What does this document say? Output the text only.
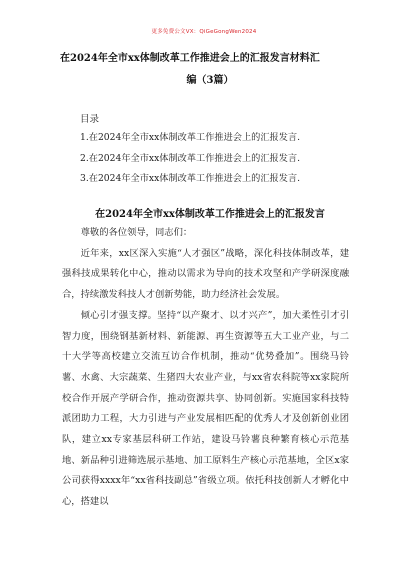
更多免费公文VX：QiGeGongWen2024
在2024年全市xx体制改革工作推进会上的汇报发言材料汇
编（3篇）
目录
1.在2024年全市xx体制改革工作推进会上的汇报发言.
2.在2024年全市xx体制改革工作推进会上的汇报发言.
3.在2024年全市xx体制改革工作推进会上的汇报发言.
在2024年全市xx体制改革工作推进会上的汇报发言

尊敬的各位领导，同志们：

近年来，xx区深入实施“人才强区”战略，深化科技体制改革，建强科技成果转化中心，推动以需求为导向的技术攻坚和产学研深度融合，持续激发科技人才创新势能，助力经济社会发展。

倾心引才强支撑。坚持“以产聚才、以才兴产”，加大柔性引才引智力度，围绕钢基新材料、新能源、再生资源等五大工业产业，与二十大学等高校建立交流互访合作机制，推动“优势叠加”。围绕马铃薯、水禽、大宗蔬菜、生猪四大农业产业，与xx省农科院等xx家院所校合作开展产学研合作，推动资源共享、协同创新。实施国家科技特派团助力工程，大力引进与产业发展相匹配的优秀人才及创新创业团队，建立xx专家基层科研工作站，建设马铃薯良种繁育核心示范基地、新品种引进筛选展示基地、加工原料生产核心示范基地，全区x家公司获得xxxx年“xx省科技副总”省级立项。依托科技创新人才孵化中心，搭建以
